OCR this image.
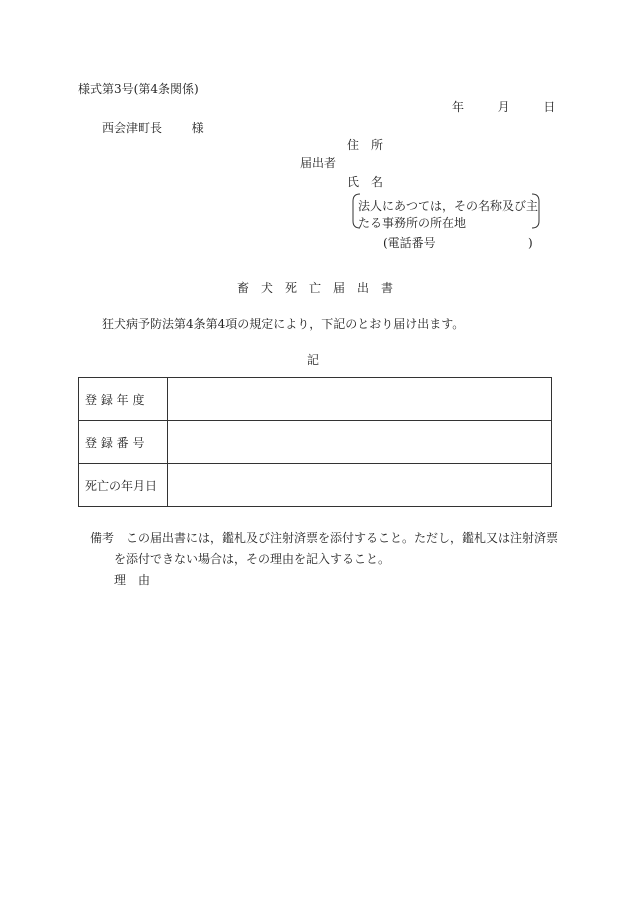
様式第3号(第4条関係)
年	月	日
西会津町長 様
住　所
届出者
氏　名
法人にあつては，その名称及び主
たる事務所の所在地
(電話番号	)
畜　犬　死　亡　届　出　書
狂犬病予防法第4条第4項の規定により，下記のとおり届け出ます。
記
登 録 年 度	
登 録 番 号	
死亡の年月日	
備考 この届出書には，鑑札及び注射済票を添付すること。ただし，鑑札又は注射済票
を添付できない場合は，その理由を記入すること。
理　由
